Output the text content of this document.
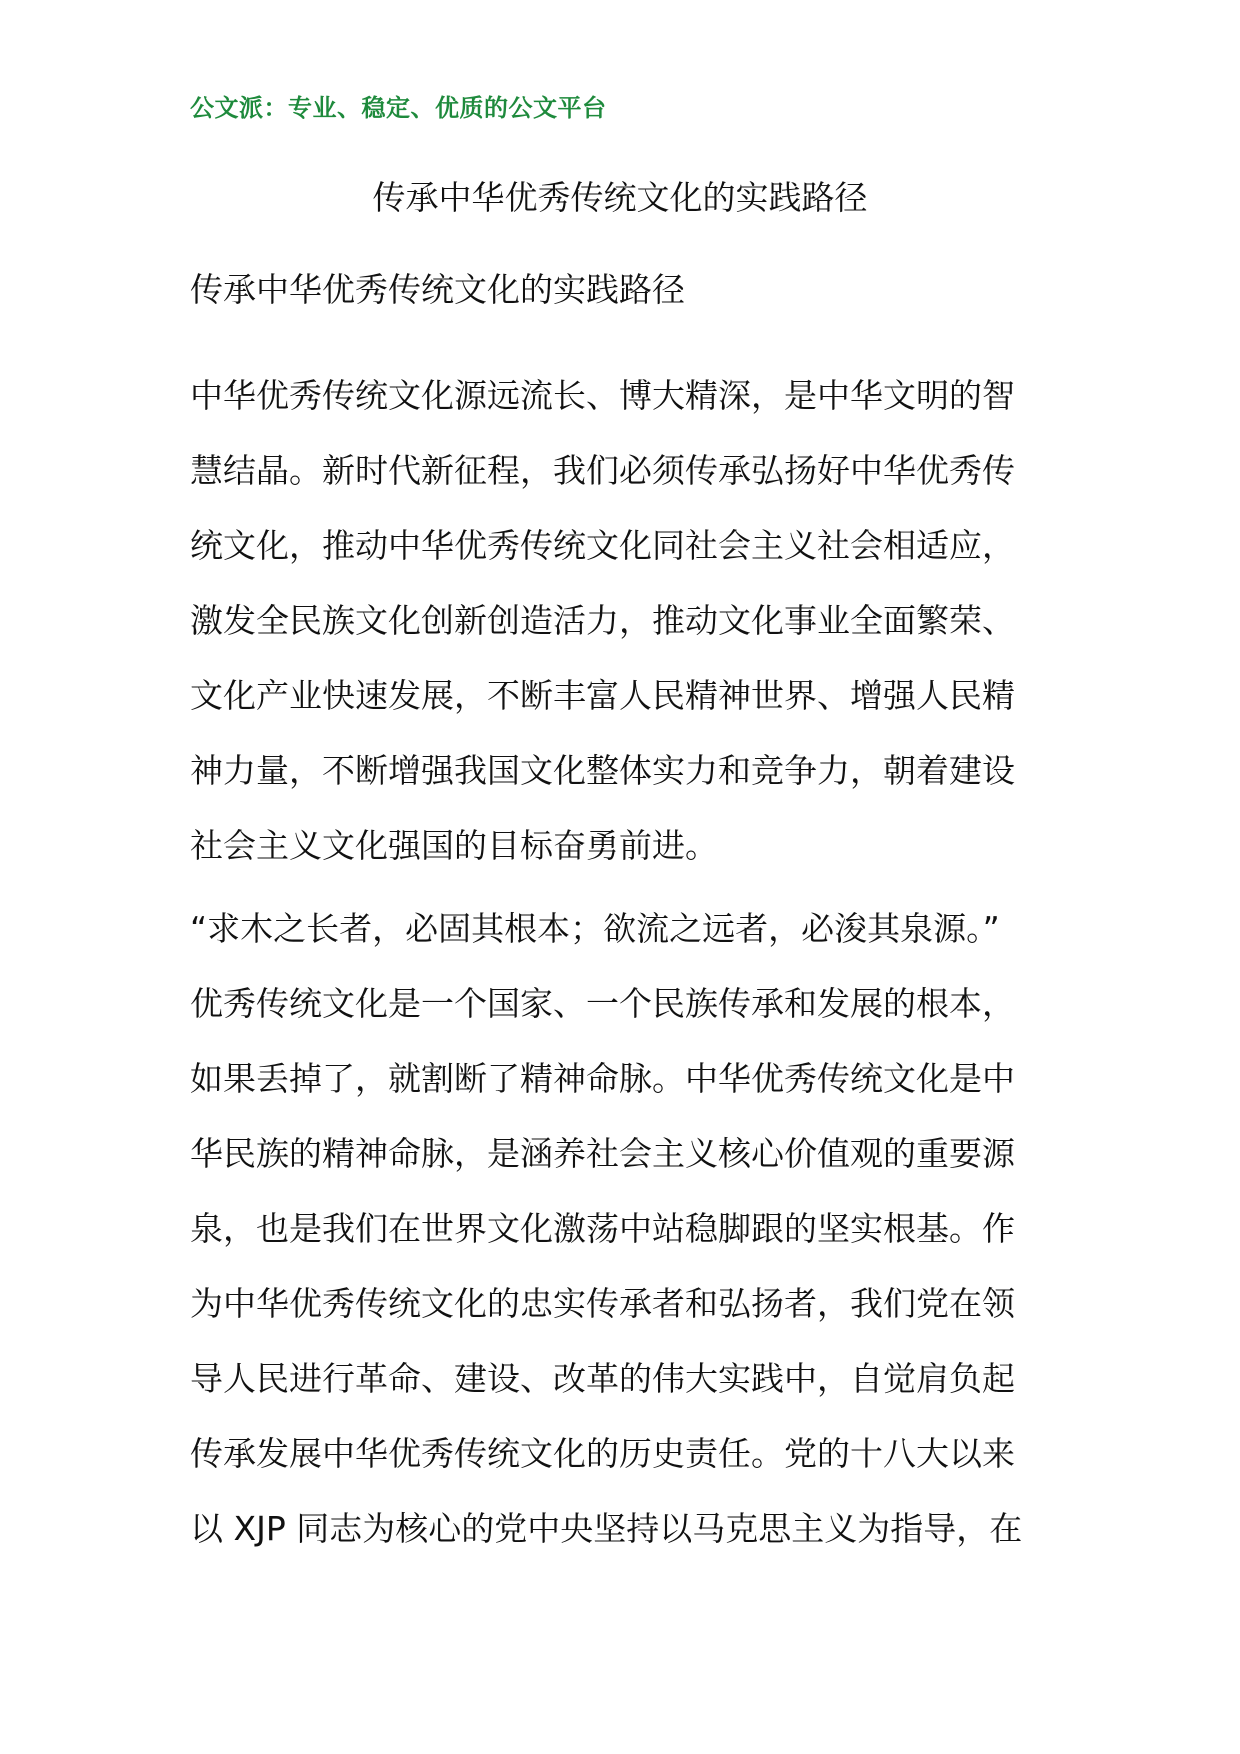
公文派：专业、稳定、优质的公文平台
传承中华优秀传统文化的实践路径
传承中华优秀传统文化的实践路径
中华优秀传统文化源远流长、博大精深，是中华文明的智
慧结晶。新时代新征程，我们必须传承弘扬好中华优秀传
统文化，推动中华优秀传统文化同社会主义社会相适应，
激发全民族文化创新创造活力，推动文化事业全面繁荣、
文化产业快速发展，不断丰富人民精神世界、增强人民精
神力量，不断增强我国文化整体实力和竞争力，朝着建设
社会主义文化强国的目标奋勇前进。
“求木之长者，必固其根本；欲流之远者，必浚其泉源。”
优秀传统文化是一个国家、一个民族传承和发展的根本，
如果丢掉了，就割断了精神命脉。中华优秀传统文化是中
华民族的精神命脉，是涵养社会主义核心价值观的重要源
泉，也是我们在世界文化激荡中站稳脚跟的坚实根基。作
为中华优秀传统文化的忠实传承者和弘扬者，我们党在领
导人民进行革命、建设、改革的伟大实践中，自觉肩负起
传承发展中华优秀传统文化的历史责任。党的十八大以来
以 XJP 同志为核心的党中央坚持以马克思主义为指导，在
